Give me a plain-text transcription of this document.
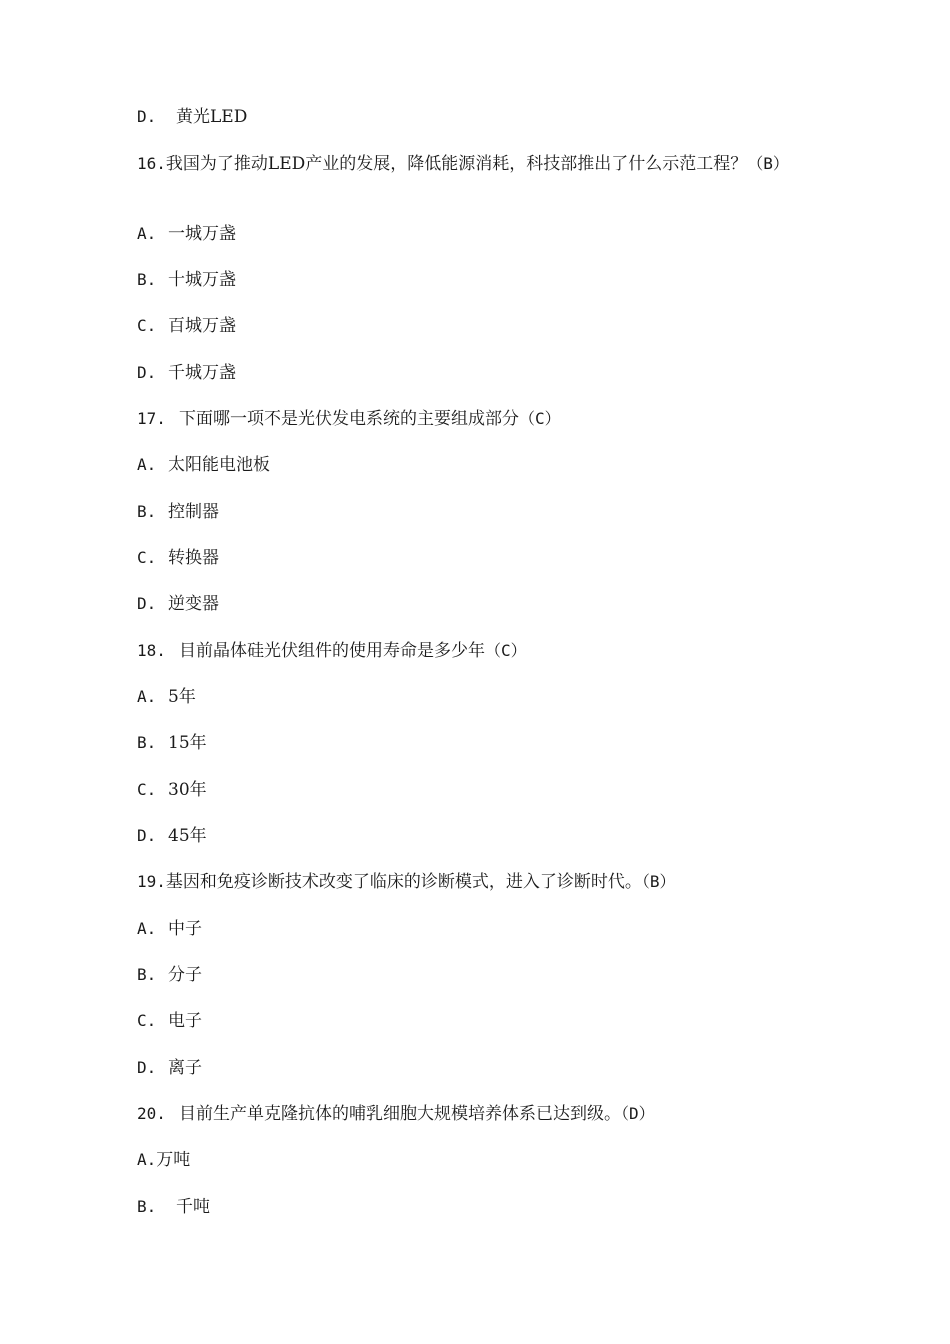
D. 黄光LED
16.我国为了推动LED产业的发展，降低能源消耗，科技部推出了什么示范工程？（B）
A. 一城万盏
B. 十城万盏
C. 百城万盏
D. 千城万盏
17. 下面哪一项不是光伏发电系统的主要组成部分（C）
A. 太阳能电池板
B. 控制器
C. 转换器
D. 逆变器
18. 目前晶体硅光伏组件的使用寿命是多少年（C）
A. 5年
B. 15年
C. 30年
D. 45年
19.基因和免疫诊断技术改变了临床的诊断模式，进入了诊断时代。（B）
A. 中子
B. 分子
C. 电子
D. 离子
20. 目前生产单克隆抗体的哺乳细胞大规模培养体系已达到级。（D）
A.万吨
B. 千吨
